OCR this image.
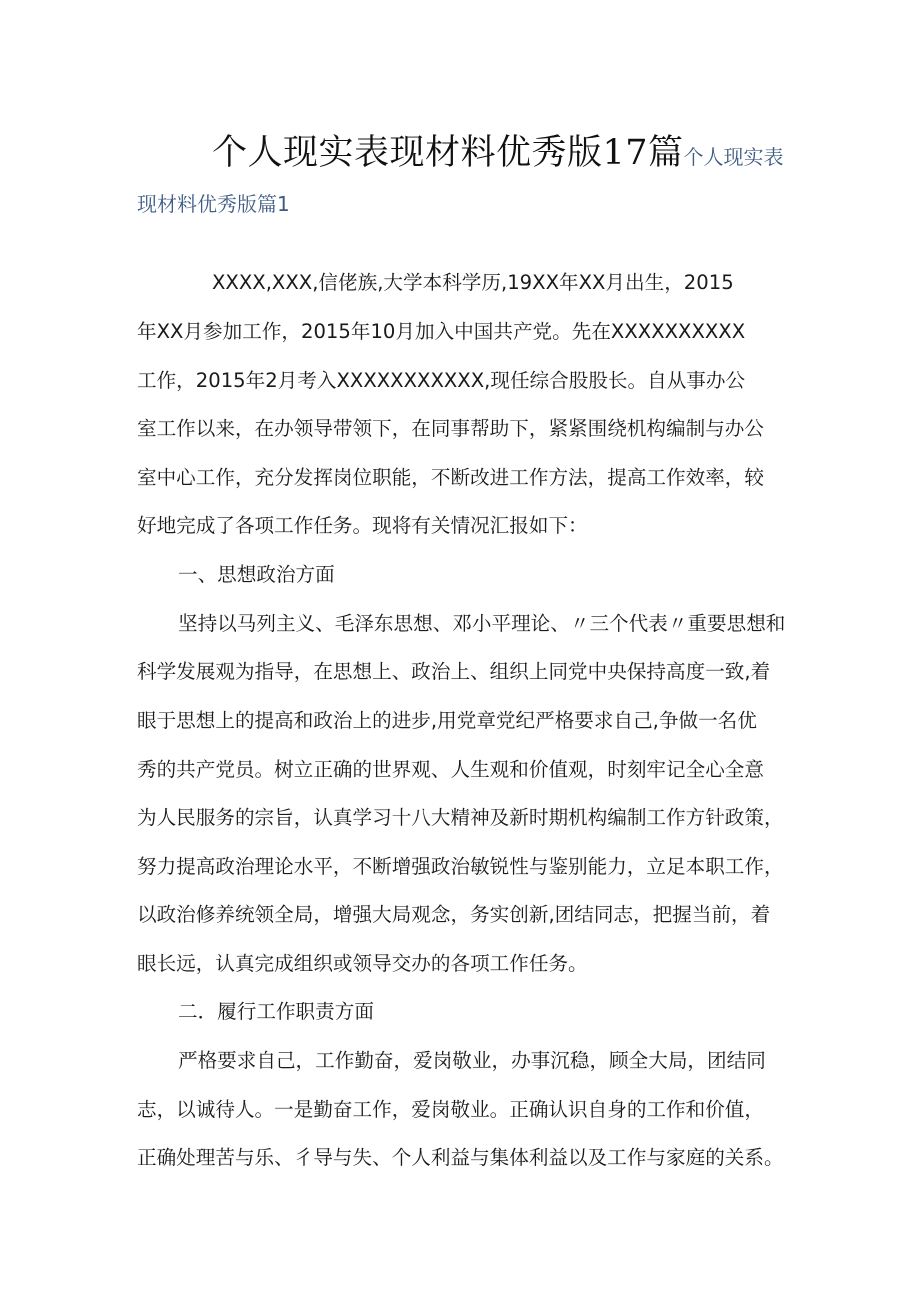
个人现实表现材料优秀版17篇个人现实表
现材料优秀版篇1
XXXX,XXX,信佬族,大学本科学历,19XX年XX月出生，2015
年XX月参加工作，2015年10月加入中国共产党。先在XXXXXXXXXX
工作，2015年2月考入XXXXXXXXXXX,现任综合股股长。自从事办公
室工作以来，在办领导带领下，在同事帮助下，紧紧围绕机构编制与办公
室中心工作，充分发挥岗位职能，不断改进工作方法，提高工作效率，较
好地完成了各项工作任务。现将有关情况汇报如下：
一、思想政治方面
坚持以马列主义、毛泽东思想、邓小平理论、〃三个代表〃重要思想和
科学发展观为指导，在思想上、政治上、组织上同党中央保持高度一致,着
眼于思想上的提高和政治上的进步,用党章党纪严格要求自己,争做一名优
秀的共产党员。树立正确的世界观、人生观和价值观，时刻牢记全心全意
为人民服务的宗旨，认真学习十八大精神及新时期机构编制工作方针政策，
努力提高政治理论水平，不断增强政治敏锐性与鉴别能力，立足本职工作，
以政治修养统领全局，增强大局观念，务实创新,团结同志，把握当前，着
眼长远，认真完成组织或领导交办的各项工作任务。
二．履行工作职责方面
严格要求自己，工作勤奋，爱岗敬业，办事沉稳，顾全大局，团结同
志，以诚待人。一是勤奋工作，爱岗敬业。正确认识自身的工作和价值，
正确处理苦与乐、彳导与失、个人利益与集体利益以及工作与家庭的关系。
